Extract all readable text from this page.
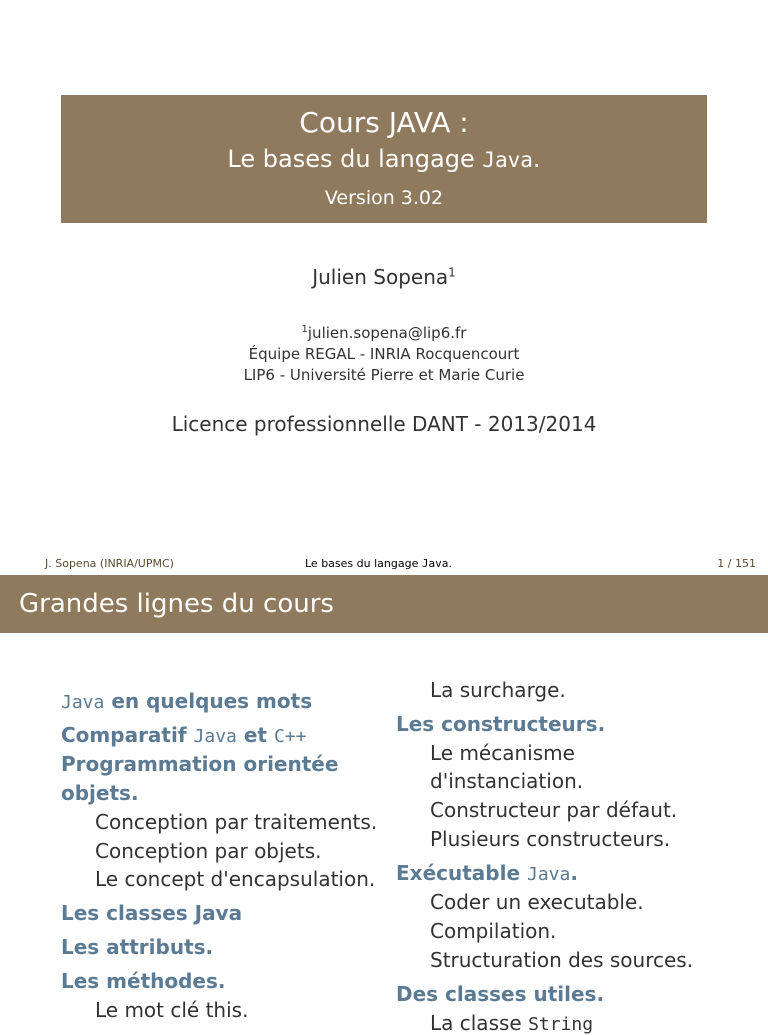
Cours JAVA :
Le bases du langage Java.
Version 3.02
Julien Sopena$^1$
$^1$julien.sopena@lip6.fr
Équipe REGAL - INRIA Rocquencourt
LIP6 - Université Pierre et Marie Curie
Licence professionnelle DANT - 2013/2014
J. Sopena (INRIA/UPMC)	Le bases du langage Java.	1 / 151
Grandes lignes du cours
Java en quelques mots
Comparatif Java et C++
Programmation orientée
objets.
Conception par traitements.
Conception par objets.
Le concept d'encapsulation.
Les classes Java
Les attributs.
Les méthodes.
Le mot clé this.
La surcharge.
Les constructeurs.
Le mécanisme
d'instanciation.
Constructeur par défaut.
Plusieurs constructeurs.
Exécutable Java.
Coder un executable.
Compilation.
Structuration des sources.
Des classes utiles.
La classe String
